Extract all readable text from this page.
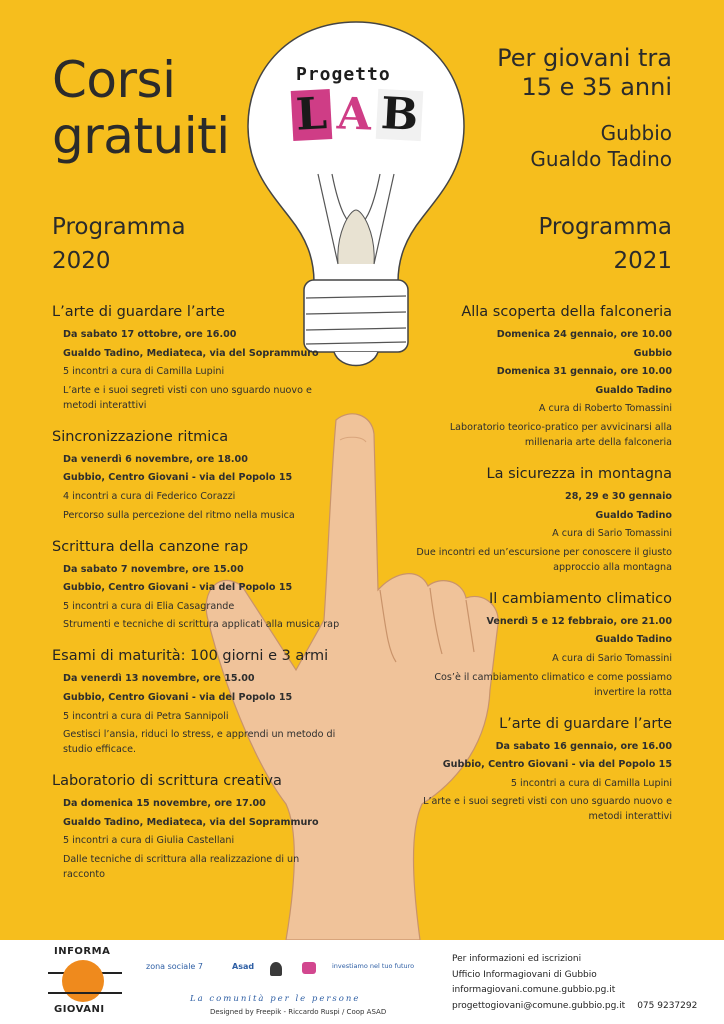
Corsi
gratuiti
Per giovani tra
15 e 35 anni
Gubbio
Gualdo Tadino
Progetto
L A B
Programma
2020
Programma
2021
L’arte di guardare l’arte
Da sabato 17 ottobre, ore 16.00
Gualdo Tadino, Mediateca, via del Soprammuro
5 incontri a cura di Camilla Lupini
L’arte e i suoi segreti visti con uno sguardo nuovo e metodi interattivi
Sincronizzazione ritmica
Da venerdì 6 novembre, ore 18.00
Gubbio, Centro Giovani - via del Popolo 15
4 incontri a cura di Federico Corazzi
Percorso sulla percezione del ritmo nella musica
Scrittura della canzone rap
Da sabato 7 novembre, ore 15.00
Gubbio, Centro Giovani - via del Popolo 15
5 incontri a cura di Elia Casagrande
Strumenti e tecniche di scrittura applicati alla musica rap
Esami di maturità: 100 giorni e 3 armi
Da venerdì 13 novembre, ore 15.00
Gubbio, Centro Giovani - via del Popolo 15
5 incontri a cura di Petra Sannipoli
Gestisci l’ansia, riduci lo stress, e apprendi un metodo di studio efficace.
Laboratorio di scrittura creativa
Da domenica 15 novembre, ore 17.00
Gualdo Tadino, Mediateca, via del Soprammuro
5 incontri a cura di Giulia Castellani
Dalle tecniche di scrittura alla realizzazione di un racconto
Alla scoperta della falconeria
Domenica 24 gennaio, ore 10.00
Gubbio
Domenica 31 gennaio, ore 10.00
Gualdo Tadino
A cura di Roberto Tomassini
Laboratorio teorico-pratico per avvicinarsi alla millenaria arte della falconeria
La sicurezza in montagna
28, 29 e 30 gennaio
Gualdo Tadino
A cura di Sario Tomassini
Due incontri ed un’escursione per conoscere il giusto approccio alla montagna
Il cambiamento climatico
Venerdì 5 e 12 febbraio, ore 21.00
Gualdo Tadino
A cura di Sario Tomassini
Cos’è il cambiamento climatico e come possiamo invertire la rotta
L’arte di guardare l’arte
Da sabato 16 gennaio, ore 16.00
Gubbio, Centro Giovani - via del Popolo 15
5 incontri a cura di Camilla Lupini
L’arte e i suoi segreti visti con uno sguardo nuovo e metodi interattivi
INFORMA
GIOVANI
zona sociale 7	Asad	investiamo nel tuo futuro
La comunità per le persone
Designed by Freepik - Riccardo Ruspi / Coop ASAD
Per informazioni ed iscrizioni
Ufficio Informagiovani di Gubbio
informagiovani.comune.gubbio.pg.it
progettogiovani@comune.gubbio.pg.it 075 9237292
